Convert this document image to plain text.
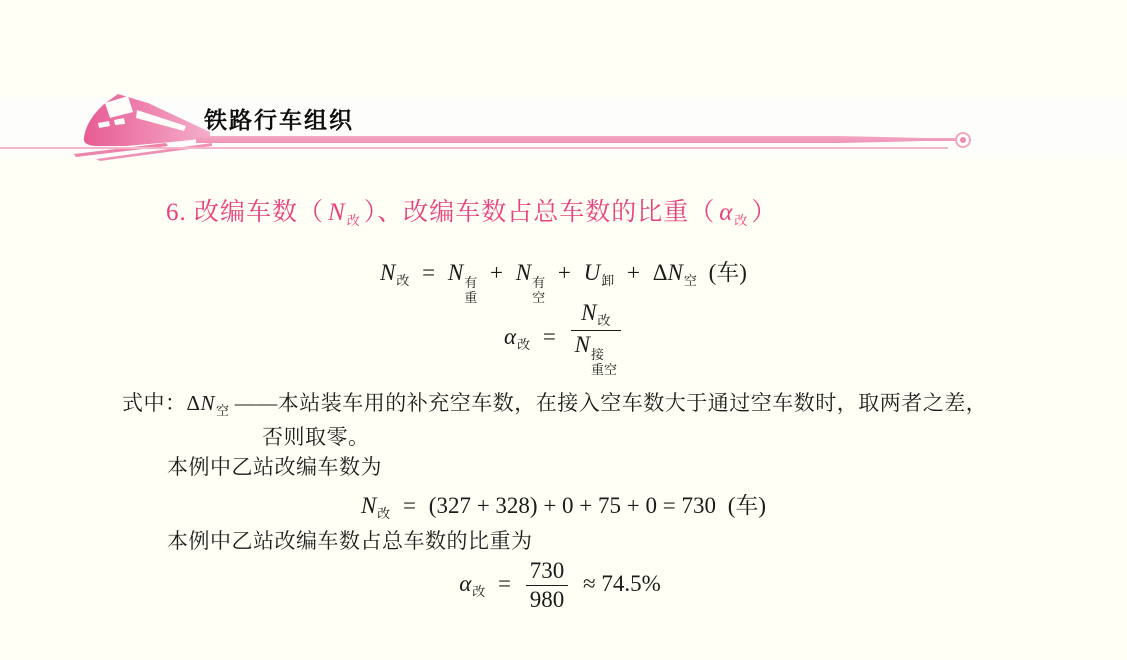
铁路行车组织
6. 改编车数（ $N_改$ ）、改编车数占总车数的比重（ $\alpha_改$ ）
$N_改 = N$ 有
重
+ N 有
空
+ $U_卸 + \Delta N_空$ (车)
$\alpha_改 = N_改$
N 接
重空
式中：$\Delta N_空$ ——本站装车用的补充空车数，在接入空车数大于通过空车数时，取两者之差，
否则取零。
本例中乙站改编车数为
$N_改 = (327 + 328) + 0 + 75 + 0 = 730$ (车)
本例中乙站改编车数占总车数的比重为
$\alpha_改 = \frac{730}{980} \approx 74.5\%$
